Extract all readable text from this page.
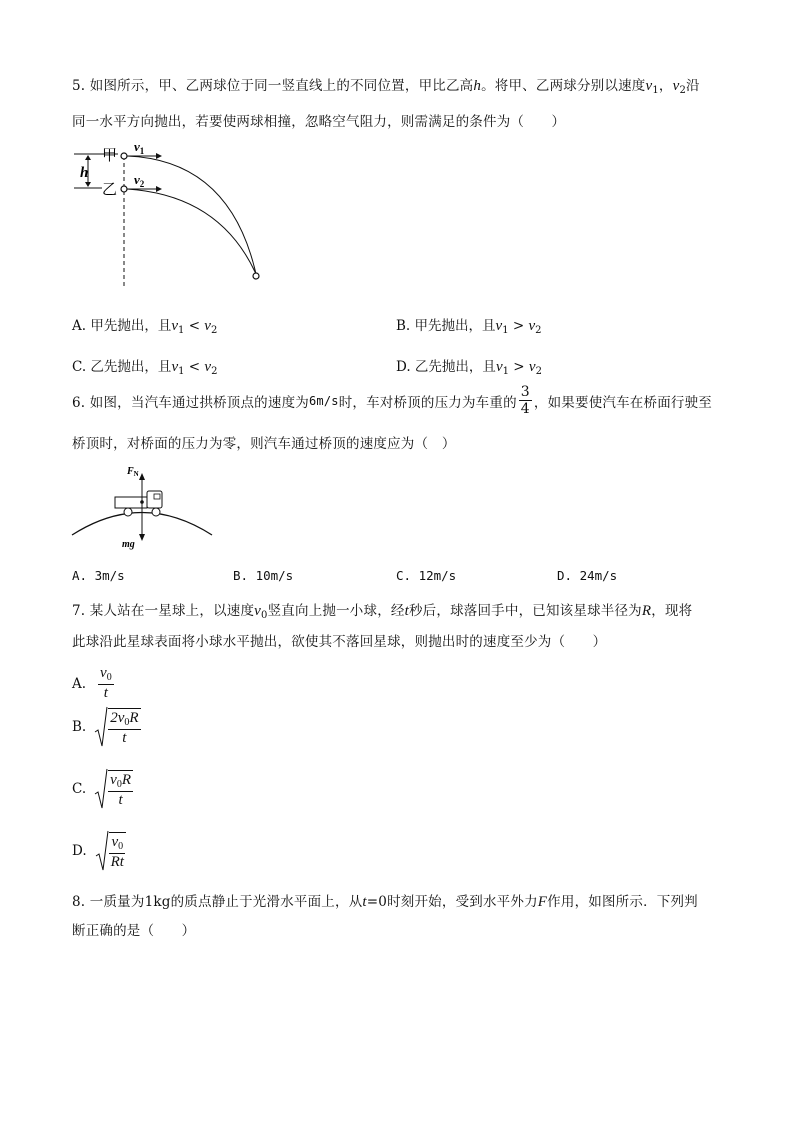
5. 如图所示，甲、乙两球位于同一竖直线上的不同位置，甲比乙高h。将甲、乙两球分别以速度$v_1$，$v_2$沿
同一水平方向抛出，若要使两球相撞，忽略空气阻力，则需满足的条件为（　　）
h
甲
乙
$v_1$
$v_2$
A. 甲先抛出，且$v_1 < v_2$	B. 甲先抛出，且$v_1 > v_2$
C. 乙先抛出，且$v_1 < v_2$	D. 乙先抛出，且$v_1 > v_2$
6. 如图，当汽车通过拱桥顶点的速度为 6m/s 时，车对桥顶的压力为车重的 $\frac{3}{4}$ ，如果要使汽车在桥面行驶至
桥顶时，对桥面的压力为零，则汽车通过桥顶的速度应为（　）
$F_N$
mg
A. 3m/s	B. 10m/s	C. 12m/s	D. 24m/s
7. 某人站在一星球上，以速度$v_0$竖直向上抛一小球，经t秒后，球落回手中，已知该星球半径为R，现将
此球沿此星球表面将小球水平抛出，欲使其不落回星球，则抛出时的速度至少为（　　）
A. $\frac{v_0}{t}$
B. $\frac{2v_0R}{t}$
C. $\frac{v_0R}{t}$
D. $\frac{v_0}{Rt}$
8. 一质量为1kg的质点静止于光滑水平面上，从t=0时刻开始，受到水平外力F作用，如图所示．下列判
断正确的是（　　）
